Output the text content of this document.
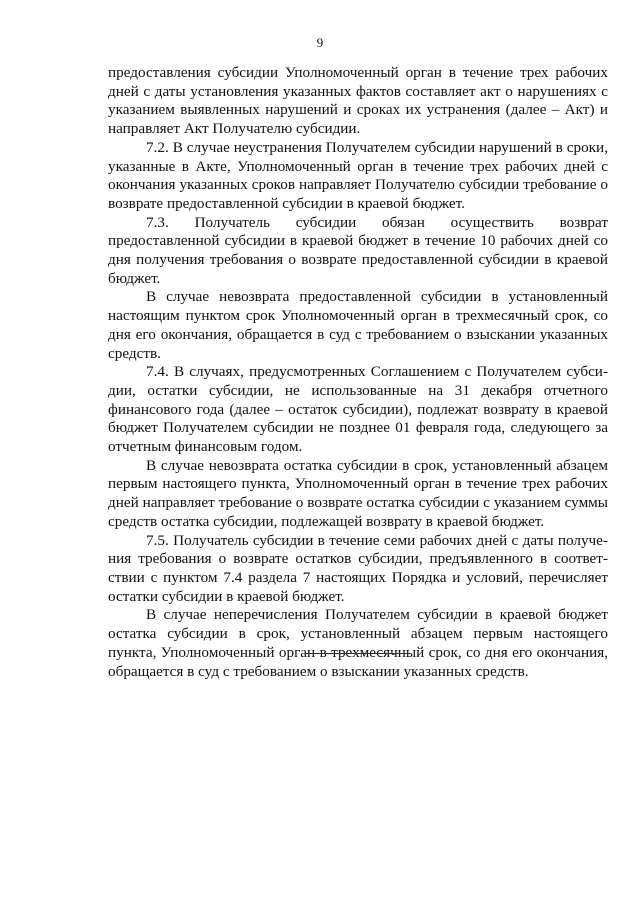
9

предоставления субсидии Уполномоченный орган в течение трех рабочих дней с даты установления указанных фактов составляет акт о нарушениях с указанием выявленных нарушений и сроках их устранения (далее – Акт) и направляет Акт Получателю субсидии.

7.2. В случае неустранения Получателем субсидии нарушений в сроки, указанные в Акте, Уполномоченный орган в течение трех рабочих дней с окончания указанных сроков направляет Получателю субсидии требование о возврате предоставленной субсидии в краевой бюджет.

7.3. Получатель субсидии обязан осуществить возврат предоставленной субсидии в краевой бюджет в течение 10 рабочих дней со дня получения требования о возврате предоставленной субсидии в краевой бюджет.

В случае невозврата предоставленной субсидии в установленный настоящим пунктом срок Уполномоченный орган в трехмесячный срок, со дня его окончания, обращается в суд с требованием о взыскании указанных средств.

7.4. В случаях, предусмотренных Соглашением с Получателем субсидии, остатки субсидии, не использованные на 31 декабря отчетного финансового года (далее – остаток субсидии), подлежат возврату в краевой бюджет Получателем субсидии не позднее 01 февраля года, следующего за отчетным финансовым годом.

В случае невозврата остатка субсидии в срок, установленный абзацем первым настоящего пункта, Уполномоченный орган в течение трех рабочих дней направляет требование о возврате остатка субсидии с указанием суммы средств остатка субсидии, подлежащей возврату в краевой бюджет.

7.5. Получатель субсидии в течение семи рабочих дней с даты получения требования о возврате остатков субсидии, предъявленного в соответствии с пунктом 7.4 раздела 7 настоящих Порядка и условий, перечисляет остатки субсидии в краевой бюджет.

В случае неперечисления Получателем субсидии в краевой бюджет остатка субсидии в срок, установленный абзацем первым настоящего пункта, Уполномоченный орган в трехмесячный срок, со дня его окончания, обращается в суд с требованием о взыскании указанных средств.
